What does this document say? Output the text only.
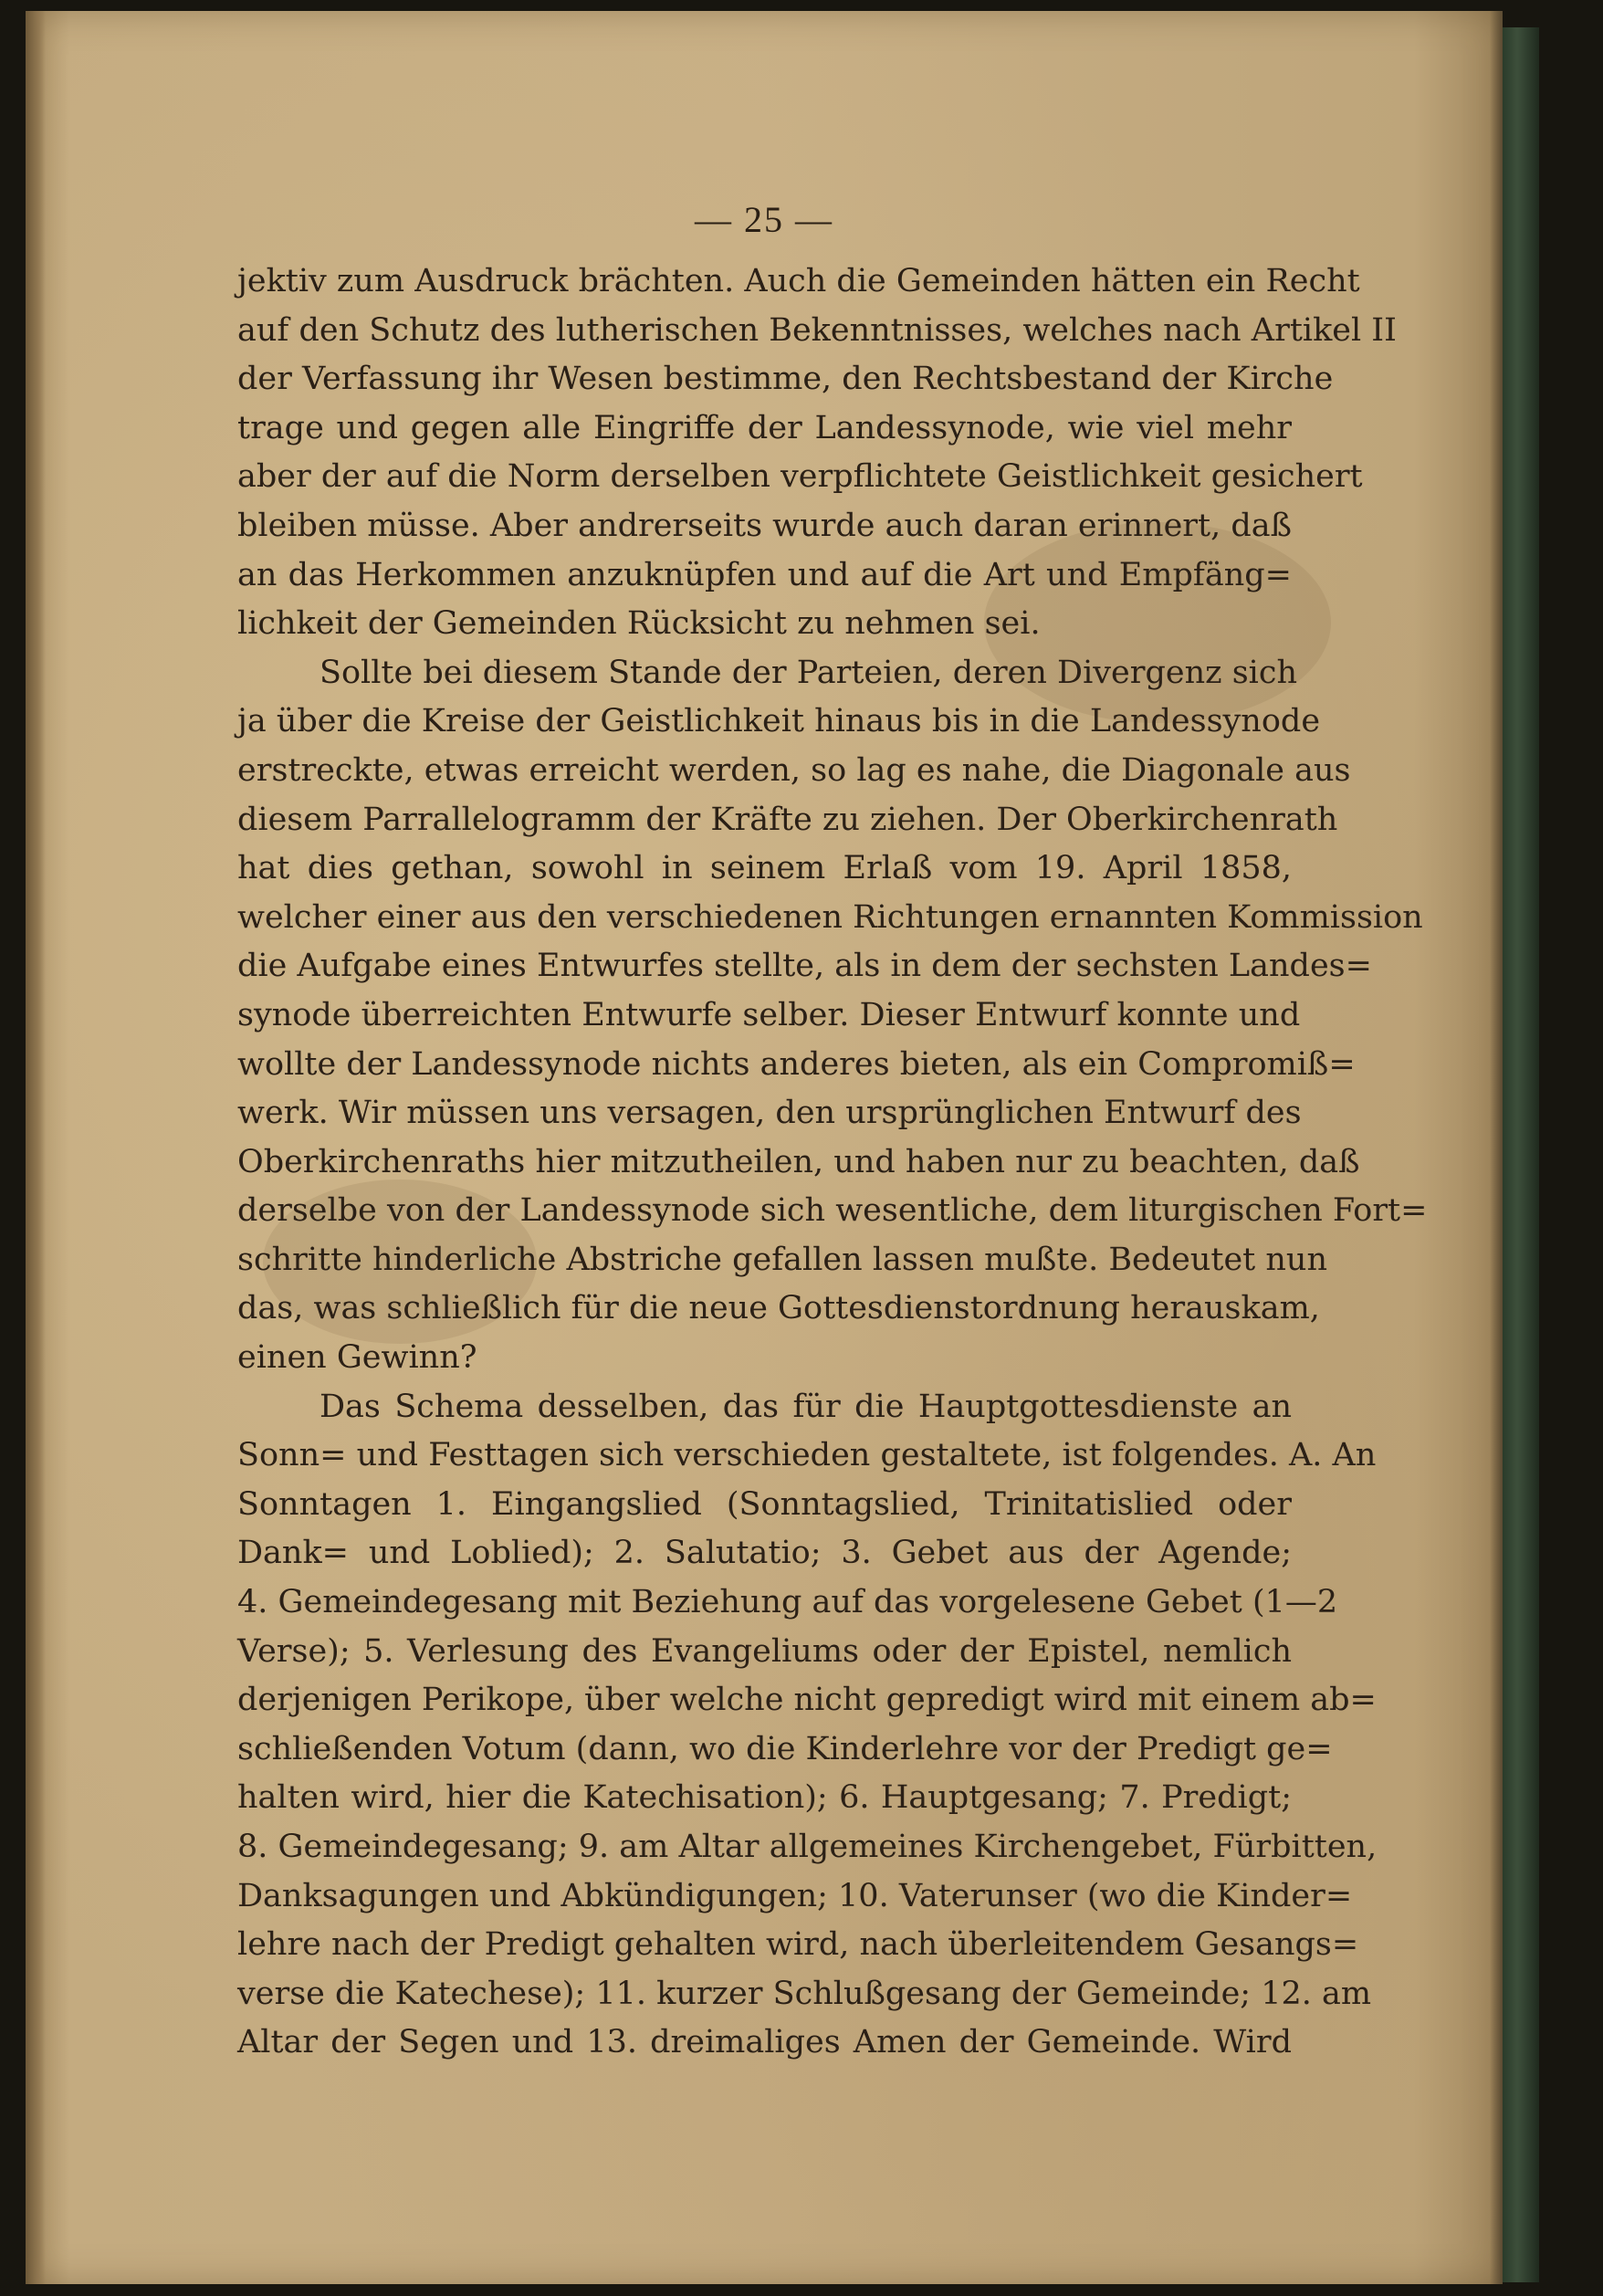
— 25 —
jektiv zum Ausdruck brächten. Auch die Gemeinden hätten ein Recht
auf den Schutz des lutherischen Bekenntnisses, welches nach Artikel II
der Verfassung ihr Wesen bestimme, den Rechtsbestand der Kirche
trage und gegen alle Eingriffe der Landessynode, wie viel mehr
aber der auf die Norm derselben verpflichtete Geistlichkeit gesichert
bleiben müsse. Aber andrerseits wurde auch daran erinnert, daß
an das Herkommen anzuknüpfen und auf die Art und Empfäng=
lichkeit der Gemeinden Rücksicht zu nehmen sei.
Sollte bei diesem Stande der Parteien, deren Divergenz sich
ja über die Kreise der Geistlichkeit hinaus bis in die Landessynode
erstreckte, etwas erreicht werden, so lag es nahe, die Diagonale aus
diesem Parrallelogramm der Kräfte zu ziehen. Der Oberkirchenrath
hat dies gethan, sowohl in seinem Erlaß vom 19. April 1858,
welcher einer aus den verschiedenen Richtungen ernannten Kommission
die Aufgabe eines Entwurfes stellte, als in dem der sechsten Landes=
synode überreichten Entwurfe selber. Dieser Entwurf konnte und
wollte der Landessynode nichts anderes bieten, als ein Compromiß=
werk. Wir müssen uns versagen, den ursprünglichen Entwurf des
Oberkirchenraths hier mitzutheilen, und haben nur zu beachten, daß
derselbe von der Landessynode sich wesentliche, dem liturgischen Fort=
schritte hinderliche Abstriche gefallen lassen mußte. Bedeutet nun
das, was schließlich für die neue Gottesdienstordnung herauskam,
einen Gewinn?
Das Schema desselben, das für die Hauptgottesdienste an
Sonn= und Festtagen sich verschieden gestaltete, ist folgendes. A. An
Sonntagen 1. Eingangslied (Sonntagslied, Trinitatislied oder
Dank= und Loblied); 2. Salutatio; 3. Gebet aus der Agende;
4. Gemeindegesang mit Beziehung auf das vorgelesene Gebet (1—2
Verse); 5. Verlesung des Evangeliums oder der Epistel, nemlich
derjenigen Perikope, über welche nicht gepredigt wird mit einem ab=
schließenden Votum (dann, wo die Kinderlehre vor der Predigt ge=
halten wird, hier die Katechisation); 6. Hauptgesang; 7. Predigt;
8. Gemeindegesang; 9. am Altar allgemeines Kirchengebet, Fürbitten,
Danksagungen und Abkündigungen; 10. Vaterunser (wo die Kinder=
lehre nach der Predigt gehalten wird, nach überleitendem Gesangs=
verse die Katechese); 11. kurzer Schlußgesang der Gemeinde; 12. am
Altar der Segen und 13. dreimaliges Amen der Gemeinde. Wird
